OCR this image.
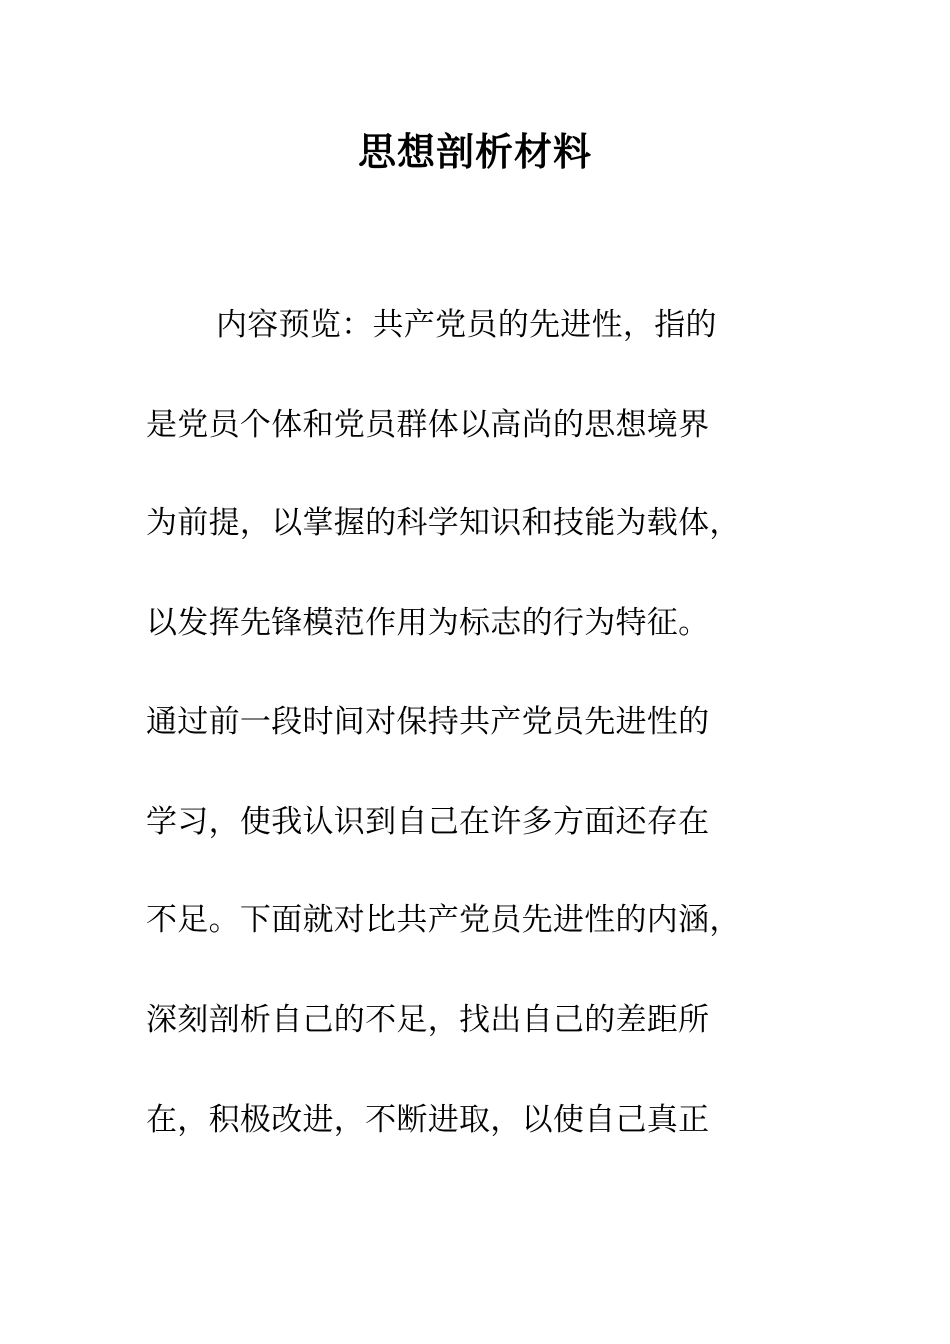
思想剖析材料
内容预览：共产党员的先进性，指的
是党员个体和党员群体以高尚的思想境界
为前提，以掌握的科学知识和技能为载体，
以发挥先锋模范作用为标志的行为特征。
通过前一段时间对保持共产党员先进性的
学习，使我认识到自己在许多方面还存在
不足。下面就对比共产党员先进性的内涵，
深刻剖析自己的不足，找出自己的差距所
在，积极改进，不断进取，以使自己真正
